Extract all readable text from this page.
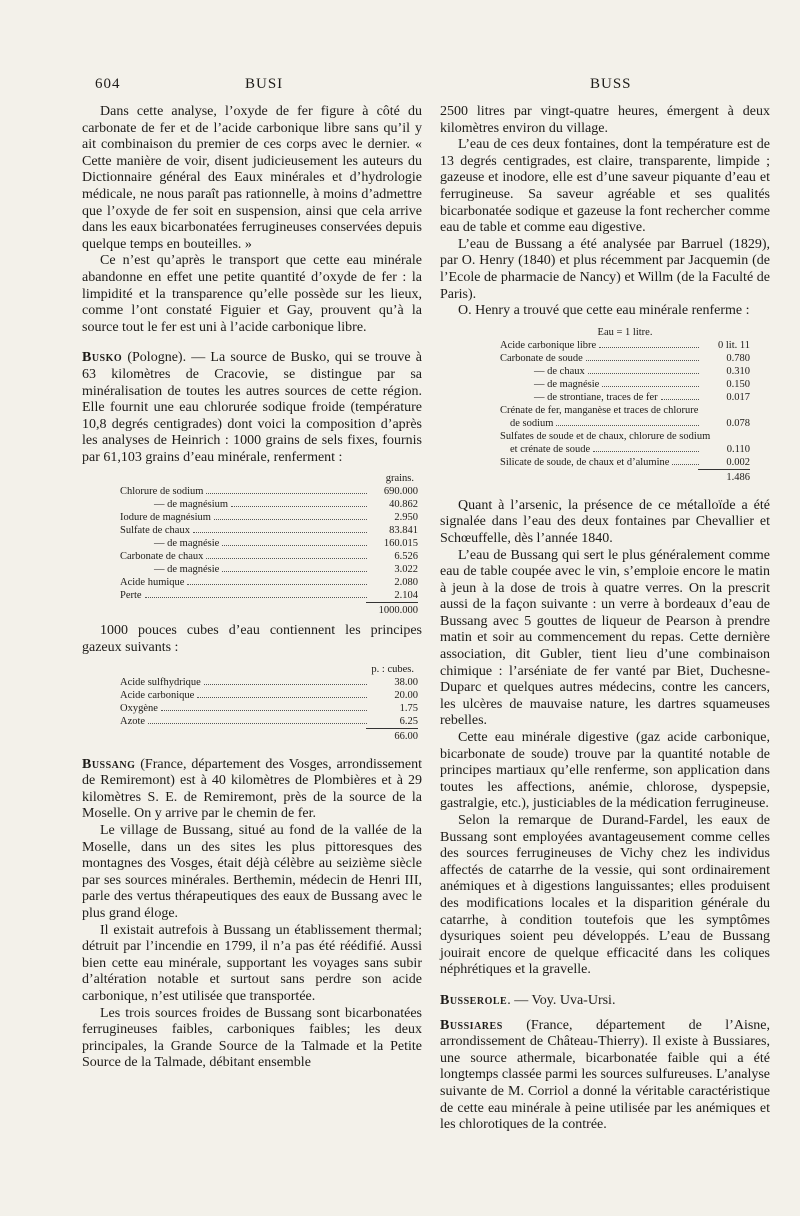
604	BUSI	BUSS

Dans cette analyse, l’oxyde de fer figure à côté du carbonate de fer et de l’acide carbonique libre sans qu’il y ait combinaison du premier de ces corps avec le dernier. « Cette manière de voir, disent judicieusement les auteurs du Dictionnaire général des Eaux minérales et d’hydrologie médicale, ne nous paraît pas rationnelle, à moins d’admettre que l’oxyde de fer soit en suspension, ainsi que cela arrive dans les eaux bicarbonatées ferrugineuses conservées depuis quelque temps en bouteilles. »

Ce n’est qu’après le transport que cette eau minérale abandonne en effet une petite quantité d’oxyde de fer : la limpidité et la transparence qu’elle possède sur les lieux, comme l’ont constaté Figuier et Gay, prouvent qu’à la source tout le fer est uni à l’acide carbonique libre.

Busko (Pologne). — La source de Busko, qui se trouve à 63 kilomètres de Cracovie, se distingue par sa minéralisation de toutes les autres sources de cette région. Elle fournit une eau chlorurée sodique froide (température 10,8 degrés centigrades) dont voici la composition d’après les analyses de Heinrich : 1000 grains de sels fixes, fournis par 61,103 grains d’eau minérale, renferment :

grains.
Chlorure de sodium	690.000
— de magnésium	40.862
Iodure de magnésium	2.950
Sulfate de chaux	83.841
— de magnésie	160.015
Carbonate de chaux	6.526
— de magnésie	3.022
Acide humique	2.080
Perte	2.104
1000.000

1000 pouces cubes d’eau contiennent les principes gazeux suivants :

p. : cubes.
Acide sulfhydrique	38.00
Acide carbonique	20.00
Oxygène	1.75
Azote	6.25
66.00

Bussang (France, département des Vosges, arrondissement de Remiremont) est à 40 kilomètres de Plombières et à 29 kilomètres S. E. de Remiremont, près de la source de la Moselle. On y arrive par le chemin de fer.

Le village de Bussang, situé au fond de la vallée de la Moselle, dans un des sites les plus pittoresques des montagnes des Vosges, était déjà célèbre au seizième siècle par ses sources minérales. Berthemin, médecin de Henri III, parle des vertus thérapeutiques des eaux de Bussang avec le plus grand éloge.

Il existait autrefois à Bussang un établissement thermal; détruit par l’incendie en 1799, il n’a pas été réédifié. Aussi bien cette eau minérale, supportant les voyages sans subir d’altération notable et surtout sans perdre son acide carbonique, n’est utilisée que transportée.

Les trois sources froides de Bussang sont bicarbonatées ferrugineuses faibles, carboniques faibles; les deux principales, la Grande Source de la Talmade et la Petite Source de la Talmade, débitant ensemble

2500 litres par vingt-quatre heures, émergent à deux kilomètres environ du village.

L’eau de ces deux fontaines, dont la température est de 13 degrés centigrades, est claire, transparente, limpide ; gazeuse et inodore, elle est d’une saveur piquante d’eau et ferrugineuse. Sa saveur agréable et ses qualités bicarbonatée sodique et gazeuse la font rechercher comme eau de table et comme eau digestive.

L’eau de Bussang a été analysée par Barruel (1829), par O. Henry (1840) et plus récemment par Jacquemin (de l’Ecole de pharmacie de Nancy) et Willm (de la Faculté de Paris).

O. Henry a trouvé que cette eau minérale renferme :

Eau = 1 litre.
Acide carbonique libre	0 lit. 11
Carbonate de soude	0.780
— de chaux	0.310
— de magnésie	0.150
— de strontiane, traces de fer	0.017
Crénate de fer, manganèse et traces de chlorure
de sodium	0.078
Sulfates de soude et de chaux, chlorure de sodium
et crénate de soude	0.110
Silicate de soude, de chaux et d’alumine	0.002
1.486

Quant à l’arsenic, la présence de ce métalloïde a été signalée dans l’eau des deux fontaines par Chevallier et Schœuffelle, dès l’année 1840.

L’eau de Bussang qui sert le plus généralement comme eau de table coupée avec le vin, s’emploie encore le matin à jeun à la dose de trois à quatre verres. On la prescrit aussi de la façon suivante : un verre à bordeaux d’eau de Bussang avec 5 gouttes de liqueur de Pearson à prendre matin et soir au commencement du repas. Cette dernière association, dit Gubler, tient lieu d’une combinaison chimique : l’arséniate de fer vanté par Biet, Duchesne-Duparc et quelques autres médecins, contre les cancers, les ulcères de mauvaise nature, les dartres squameuses rebelles.

Cette eau minérale digestive (gaz acide carbonique, bicarbonate de soude) trouve par la quantité notable de principes martiaux qu’elle renferme, son application dans toutes les affections, anémie, chlorose, dyspepsie, gastralgie, etc.), justiciables de la médication ferrugineuse.

Selon la remarque de Durand-Fardel, les eaux de Bussang sont employées avantageusement comme celles des sources ferrugineuses de Vichy chez les individus affectés de catarrhe de la vessie, qui sont ordinairement anémiques et à digestions languissantes; elles produisent des modifications locales et la disparition générale du catarrhe, à condition toutefois que les symptômes dysuriques soient peu développés. L’eau de Bussang jouirait encore de quelque efficacité dans les coliques néphrétiques et la gravelle.

Busserole. — Voy. Uva-Ursi.

Bussiares (France, département de l’Aisne, arrondissement de Château-Thierry). Il existe à Bussiares, une source athermale, bicarbonatée faible qui a été longtemps classée parmi les sources sulfureuses. L’analyse suivante de M. Corriol a donné la véritable caractéristique de cette eau minérale à peine utilisée par les anémiques et les chlorotiques de la contrée.
